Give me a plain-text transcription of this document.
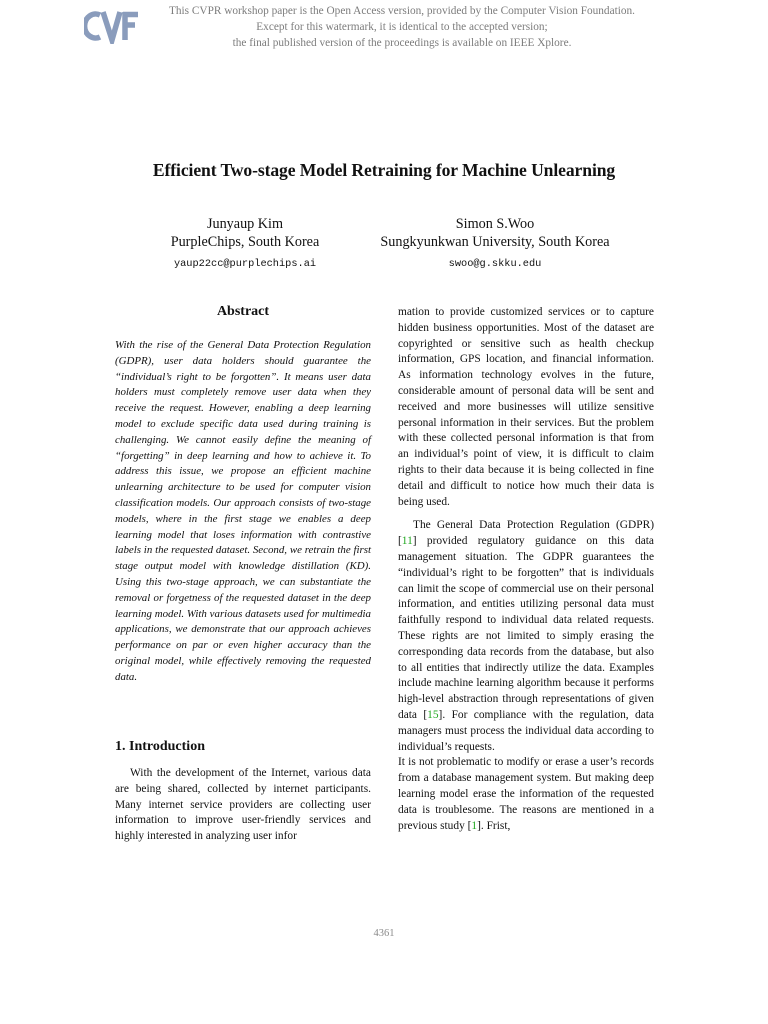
This CVPR workshop paper is the Open Access version, provided by the Computer Vision Foundation.
Except for this watermark, it is identical to the accepted version;
the final published version of the proceedings is available on IEEE Xplore.
Efficient Two-stage Model Retraining for Machine Unlearning
Junyaup Kim
PurpleChips, South Korea
yaup22cc@purplechips.ai
Simon S.Woo
Sungkyunkwan University, South Korea
swoo@g.skku.edu
Abstract
With the rise of the General Data Protection Regulation (GDPR), user data holders should guarantee the “individual’s right to be forgotten”. It means user data holders must completely remove user data when they receive the request. However, enabling a deep learning model to exclude specific data used during training is challenging. We cannot easily define the meaning of “forgetting” in deep learning and how to achieve it. To address this issue, we propose an efficient machine unlearning architecture to be used for computer vision classification models. Our approach consists of two-stage models, where in the first stage we enables a deep learning model that loses information with contrastive labels in the requested dataset. Second, we retrain the first stage output model with knowledge distillation (KD). Using this two-stage approach, we can substantiate the removal or forgetness of the requested dataset in the deep learning model. With various datasets used for multimedia applications, we demonstrate that our approach achieves performance on par or even higher accuracy than the original model, while effectively removing the requested data.
1. Introduction

With the development of the Internet, various data are being shared, collected by internet participants. Many internet service providers are collecting user information to improve user-friendly services and highly interested in analyzing user infor

mation to provide customized services or to capture hidden business opportunities. Most of the dataset are copyrighted or sensitive such as health checkup information, GPS location, and financial information. As information technology evolves in the future, considerable amount of personal data will be sent and received and more businesses will utilize sensitive personal information in their services. But the problem with these collected personal information is that from an individual’s point of view, it is difficult to claim rights to their data because it is being collected in fine detail and difficult to notice how much their data is being used.

The General Data Protection Regulation (GDPR) [11] provided regulatory guidance on this data management situation. The GDPR guarantees the “individual’s right to be forgotten” that is individuals can limit the scope of commercial use on their personal information, and entities utilizing personal data must faithfully respond to individual data related requests. These rights are not limited to simply erasing the corresponding data records from the database, but also to all entities that indirectly utilize the data. Examples include machine learning algorithm because it performs high-level abstraction through representations of given data [15]. For compliance with the regulation, data managers must process the individual data according to individual’s requests.

It is not problematic to modify or erase a user’s records from a database management system. But making deep learning model erase the information of the requested data is troublesome. The reasons are mentioned in a previous study [1]. Frist,

4361
